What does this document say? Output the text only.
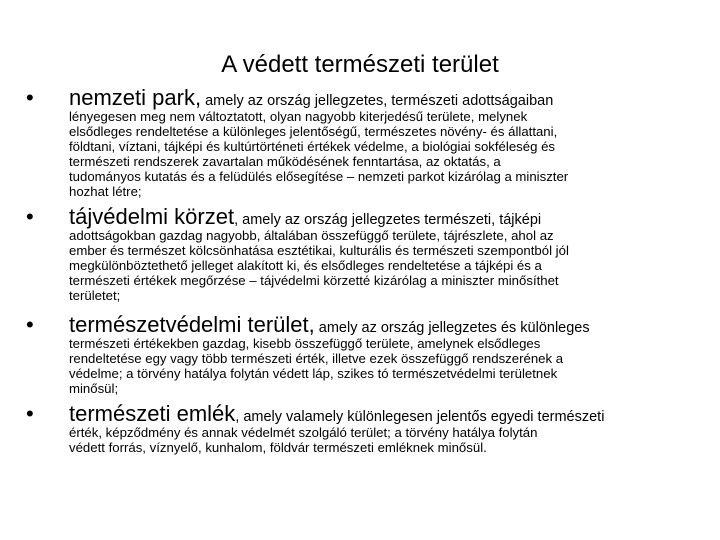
A védett természeti terület
• nemzeti park, amely az ország jellegzetes, természeti adottságaiban
lényegesen meg nem változtatott, olyan nagyobb kiterjedésű területe, melynek
elsődleges rendeltetése a különleges jelentőségű, természetes növény- és állattani,
földtani, víztani, tájképi és kultúrtörténeti értékek védelme, a biológiai sokféleség és
természeti rendszerek zavartalan működésének fenntartása, az oktatás, a
tudományos kutatás és a felüdülés elősegítése – nemzeti parkot kizárólag a miniszter
hozhat létre;
• tájvédelmi körzet, amely az ország jellegzetes természeti, tájképi
adottságokban gazdag nagyobb, általában összefüggő területe, tájrészlete, ahol az
ember és természet kölcsönhatása esztétikai, kulturális és természeti szempontból jól
megkülönböztethető jelleget alakított ki, és elsődleges rendeltetése a tájképi és a
természeti értékek megőrzése – tájvédelmi körzetté kizárólag a miniszter minősíthet
területet;
• természetvédelmi terület, amely az ország jellegzetes és különleges
természeti értékekben gazdag, kisebb összefüggő területe, amelynek elsődleges
rendeltetése egy vagy több természeti érték, illetve ezek összefüggő rendszerének a
védelme; a törvény hatálya folytán védett láp, szikes tó természetvédelmi területnek
minősül;
• természeti emlék, amely valamely különlegesen jelentős egyedi természeti
érték, képződmény és annak védelmét szolgáló terület; a törvény hatálya folytán
védett forrás, víznyelő, kunhalom, földvár természeti emléknek minősül.
